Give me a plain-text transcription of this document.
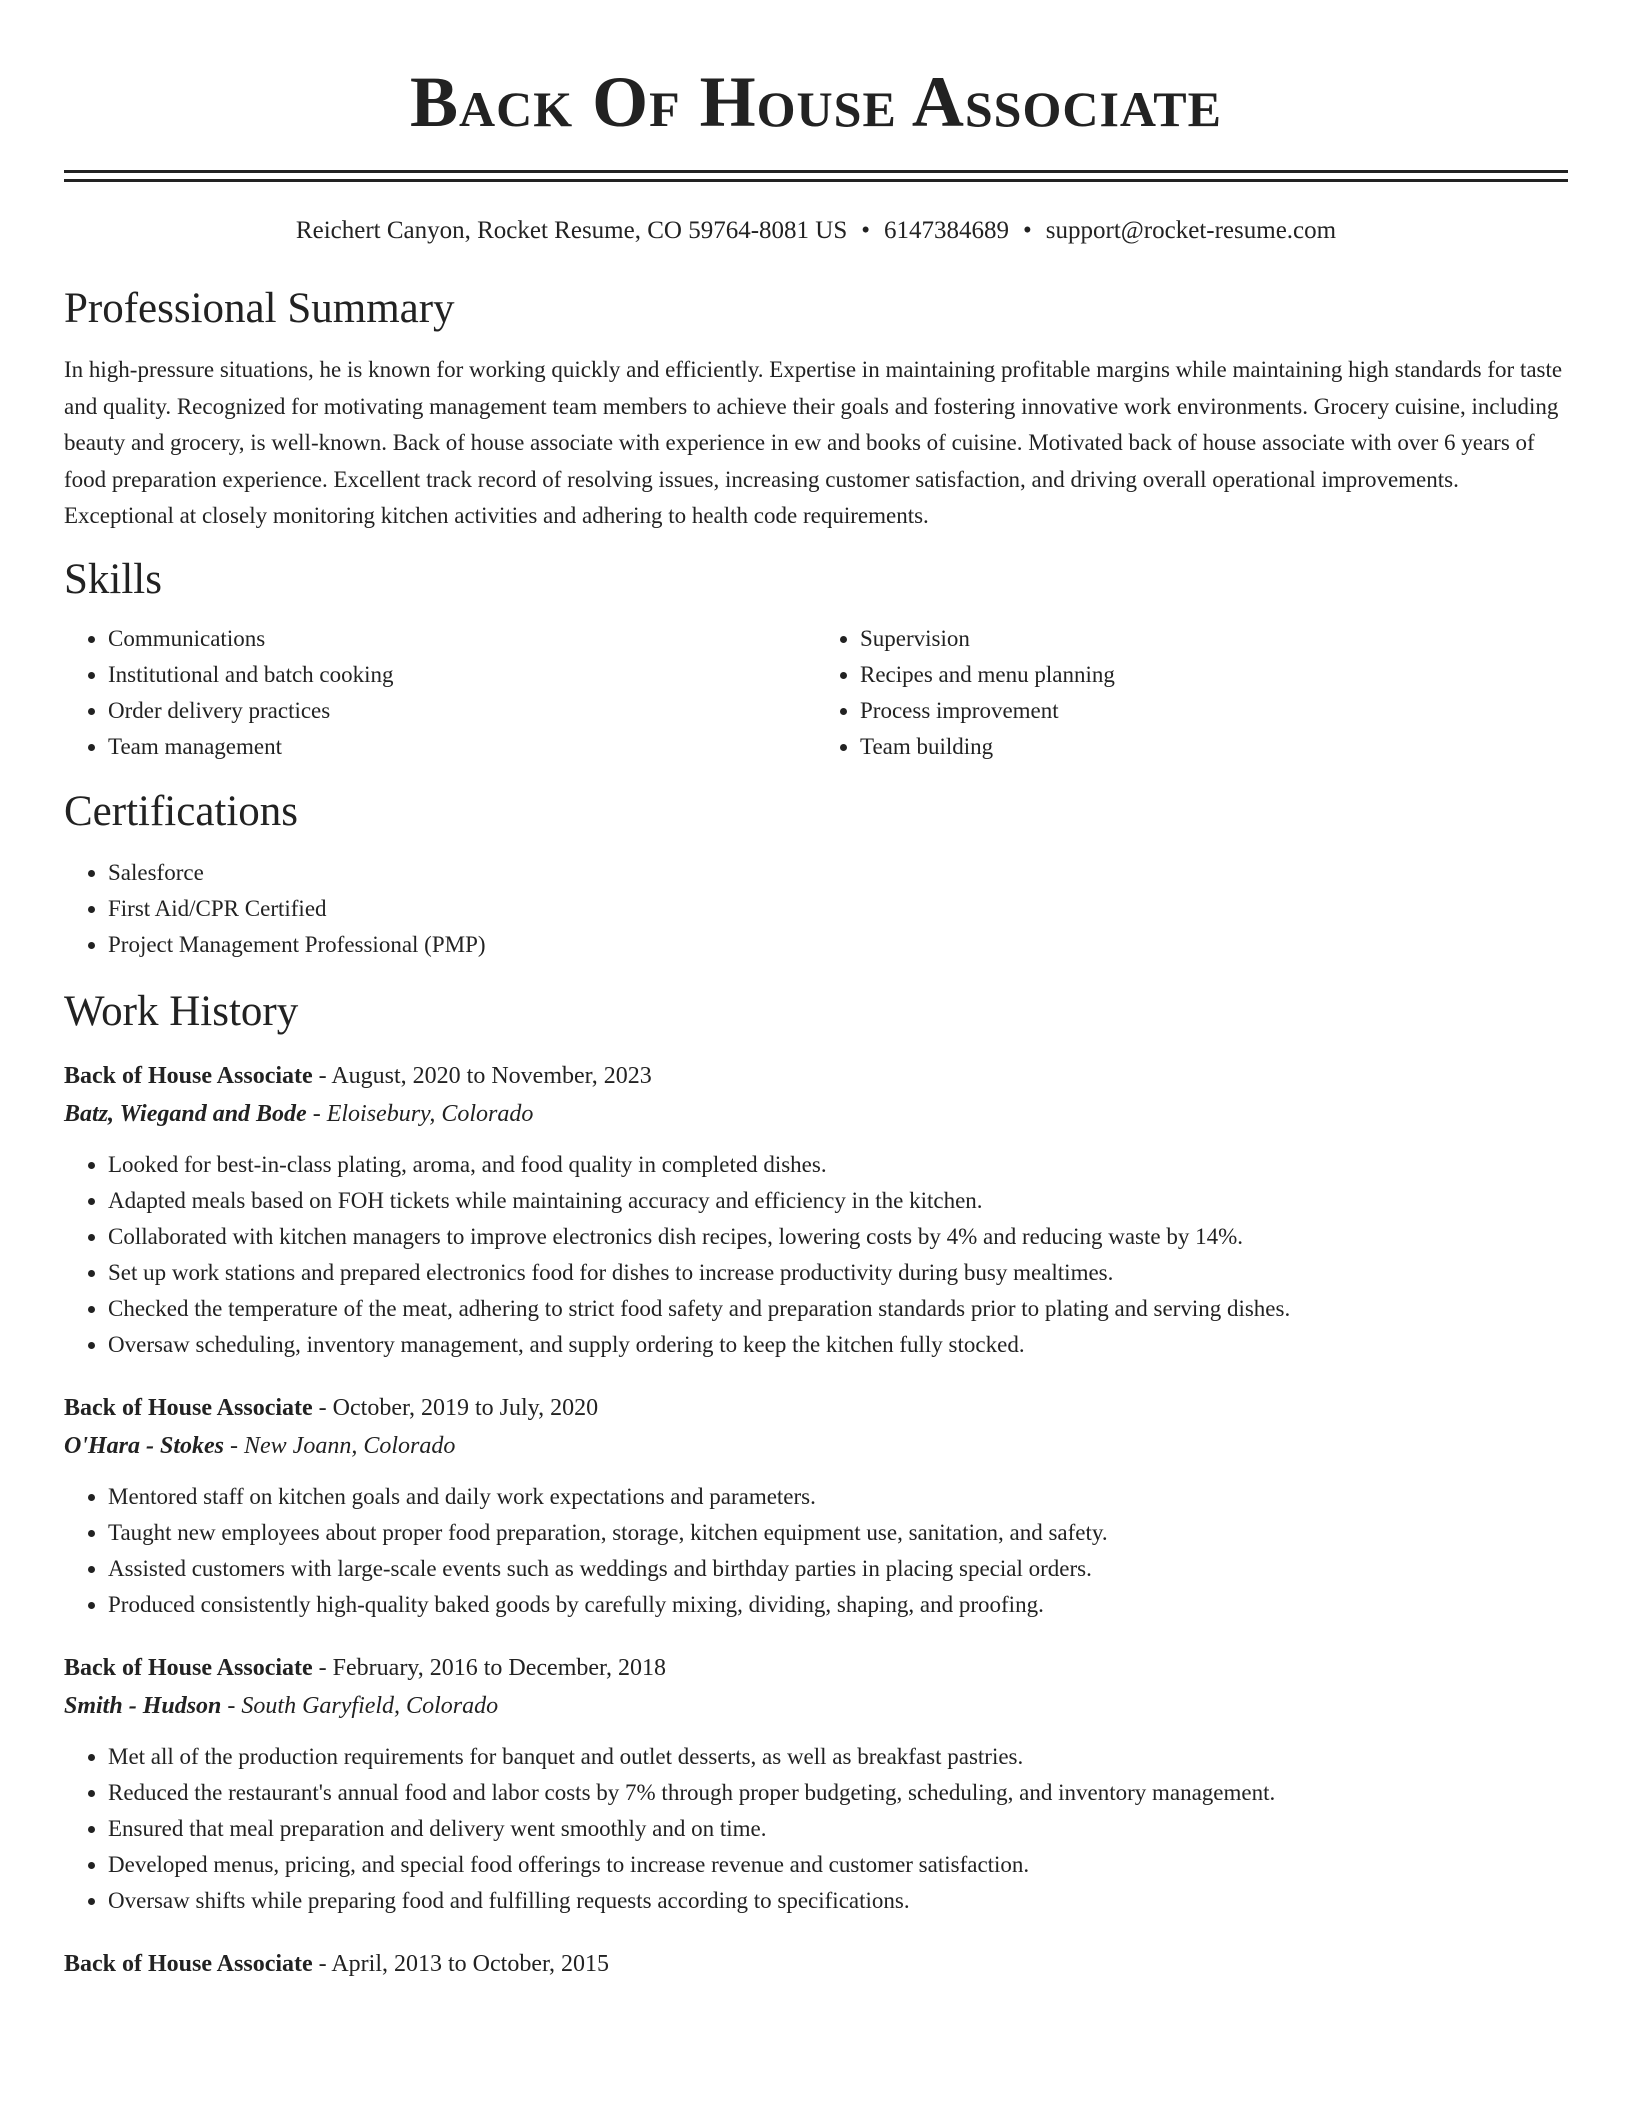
Back Of House Associate
Reichert Canyon, Rocket Resume, CO 59764-8081 US • 6147384689 • support@rocket-resume.com
Professional Summary
In high-pressure situations, he is known for working quickly and efficiently. Expertise in maintaining profitable margins while maintaining high standards for taste and quality. Recognized for motivating management team members to achieve their goals and fostering innovative work environments. Grocery cuisine, including beauty and grocery, is well-known. Back of house associate with experience in ew and books of cuisine. Motivated back of house associate with over 6 years of food preparation experience. Excellent track record of resolving issues, increasing customer satisfaction, and driving overall operational improvements. Exceptional at closely monitoring kitchen activities and adhering to health code requirements.
Skills
• Communications
• Institutional and batch cooking
• Order delivery practices
• Team management
• Supervision
• Recipes and menu planning
• Process improvement
• Team building
Certifications
• Salesforce
• First Aid/CPR Certified
• Project Management Professional (PMP)
Work History
Back of House Associate - August, 2020 to November, 2023
Batz, Wiegand and Bode - Eloisebury, Colorado
• Looked for best-in-class plating, aroma, and food quality in completed dishes.
• Adapted meals based on FOH tickets while maintaining accuracy and efficiency in the kitchen.
• Collaborated with kitchen managers to improve electronics dish recipes, lowering costs by 4% and reducing waste by 14%.
• Set up work stations and prepared electronics food for dishes to increase productivity during busy mealtimes.
• Checked the temperature of the meat, adhering to strict food safety and preparation standards prior to plating and serving dishes.
• Oversaw scheduling, inventory management, and supply ordering to keep the kitchen fully stocked.
Back of House Associate - October, 2019 to July, 2020
O'Hara - Stokes - New Joann, Colorado
• Mentored staff on kitchen goals and daily work expectations and parameters.
• Taught new employees about proper food preparation, storage, kitchen equipment use, sanitation, and safety.
• Assisted customers with large-scale events such as weddings and birthday parties in placing special orders.
• Produced consistently high-quality baked goods by carefully mixing, dividing, shaping, and proofing.
Back of House Associate - February, 2016 to December, 2018
Smith - Hudson - South Garyfield, Colorado
• Met all of the production requirements for banquet and outlet desserts, as well as breakfast pastries.
• Reduced the restaurant's annual food and labor costs by 7% through proper budgeting, scheduling, and inventory management.
• Ensured that meal preparation and delivery went smoothly and on time.
• Developed menus, pricing, and special food offerings to increase revenue and customer satisfaction.
• Oversaw shifts while preparing food and fulfilling requests according to specifications.
Back of House Associate - April, 2013 to October, 2015
